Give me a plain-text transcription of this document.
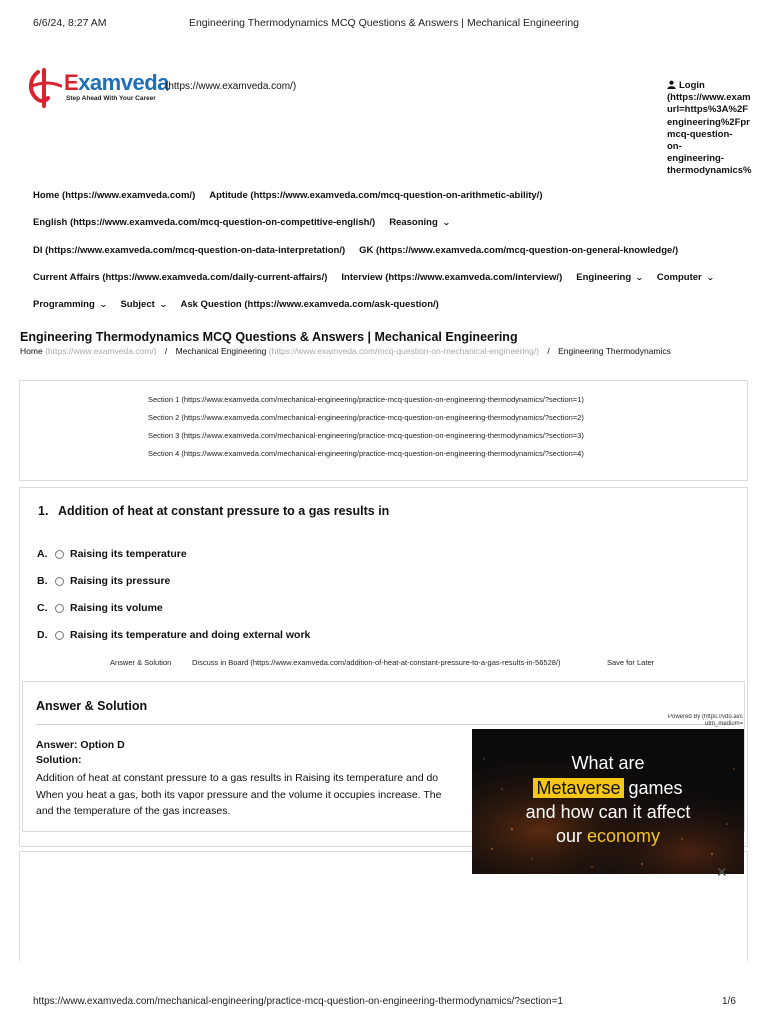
6/6/24, 8:27 AM	Engineering Thermodynamics MCQ Questions & Answers | Mechanical Engineering
Examveda
Step Ahead With Your Career
(https://www.examveda.com/)	Login
(https://www.exam
url=https%3A%2F
engineering%2Fpr
mcq-question-
on-
engineering-
thermodynamics%
Home (https://www.examveda.com/) Aptitude (https://www.examveda.com/mcq-question-on-arithmetic-ability/)
English (https://www.examveda.com/mcq-question-on-competitive-english/) Reasoning ⌄
DI (https://www.examveda.com/mcq-question-on-data-interpretation/) GK (https://www.examveda.com/mcq-question-on-general-knowledge/)
Current Affairs (https://www.examveda.com/daily-current-affairs/) Interview (https://www.examveda.com/interview/) Engineering ⌄ Computer ⌄
Programming ⌄ Subject ⌄ Ask Question (https://www.examveda.com/ask-question/)
Engineering Thermodynamics MCQ Questions & Answers | Mechanical Engineering
Home (https://www.examveda.com/) / Mechanical Engineering (https://www.examveda.com/mcq-question-on-mechanical-engineering/) / Engineering Thermodynamics
Section 1 (https://www.examveda.com/mechanical-engineering/practice-mcq-question-on-engineering-thermodynamics/?section=1)
Section 2 (https://www.examveda.com/mechanical-engineering/practice-mcq-question-on-engineering-thermodynamics/?section=2)
Section 3 (https://www.examveda.com/mechanical-engineering/practice-mcq-question-on-engineering-thermodynamics/?section=3)
Section 4 (https://www.examveda.com/mechanical-engineering/practice-mcq-question-on-engineering-thermodynamics/?section=4)
1. Addition of heat at constant pressure to a gas results in
A. Raising its temperature
B. Raising its pressure
C. Raising its volume
D. Raising its temperature and doing external work
Answer & Solution	Discuss in Board (https://www.examveda.com/addition-of-heat-at-constant-pressure-to-a-gas-results-in-56528/)	Save for Later
Answer & Solution
Answer: Option D
Solution:
Addition of heat at constant pressure to a gas results in Raising its temperature and do
When you heat a gas, both its vapor pressure and the volume it occupies increase. The
and the temperature of the gas increases.
Powered By (https://vdo.ai/c
utm_medium=
What are
Metaverse games
and how can it affect
our economy
✕
https://www.examveda.com/mechanical-engineering/practice-mcq-question-on-engineering-thermodynamics/?section=1	1/6
